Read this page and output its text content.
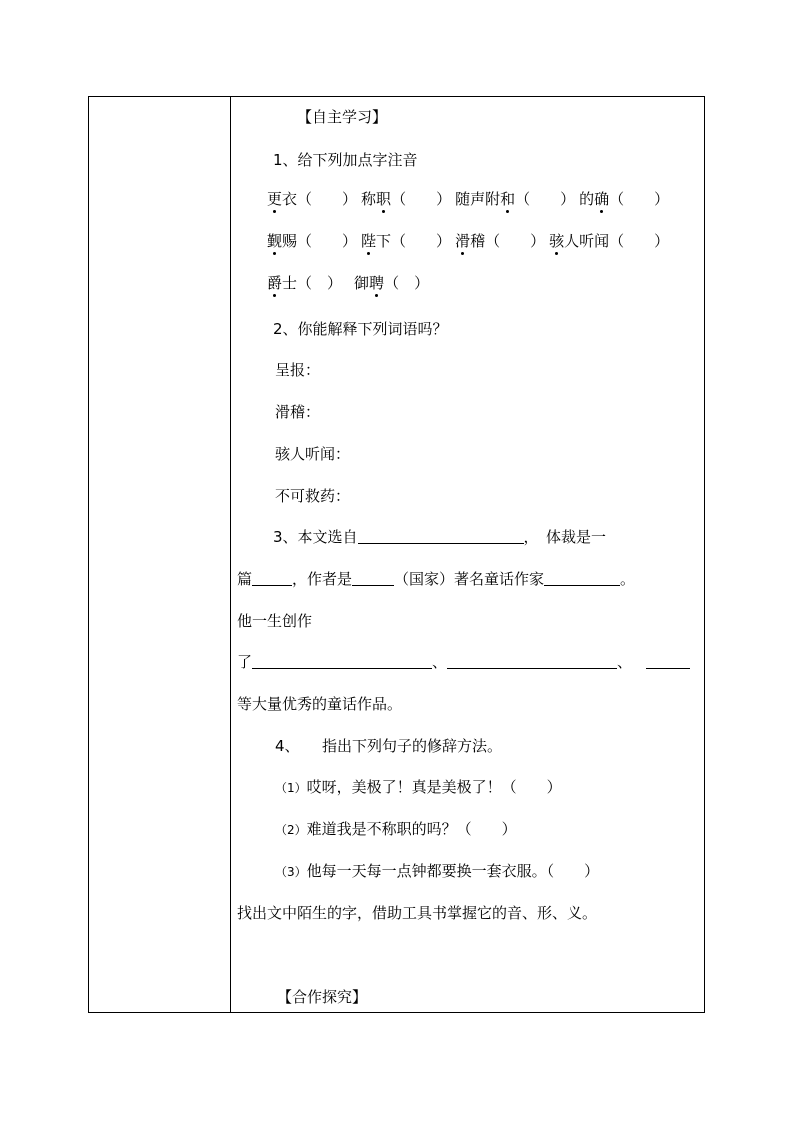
【自主学习】
1、给下列加点字注音
更衣（　　） 称职（　　） 随声附和（　　） 的确（　　）
觐赐（　　） 陛下（　　） 滑稽（　　） 骇人听闻（　　）
爵士（　） 御聘（　）
2、你能解释下列词语吗？
呈报：
滑稽：
骇人听闻：
不可救药：
3、本文选自	，　体裁是一
篇	，作者是	（国家）著名童话作家	。
他一生创作
了	、	、
等大量优秀的童话作品。
4、　　指出下列句子的修辞方法。
（1）哎呀，美极了！真是美极了！（　　）
（2）难道我是不称职的吗？（　　）
（3）他每一天每一点钟都要换一套衣服。（　　）
找出文中陌生的字，借助工具书掌握它的音、形、义。
【合作探究】
